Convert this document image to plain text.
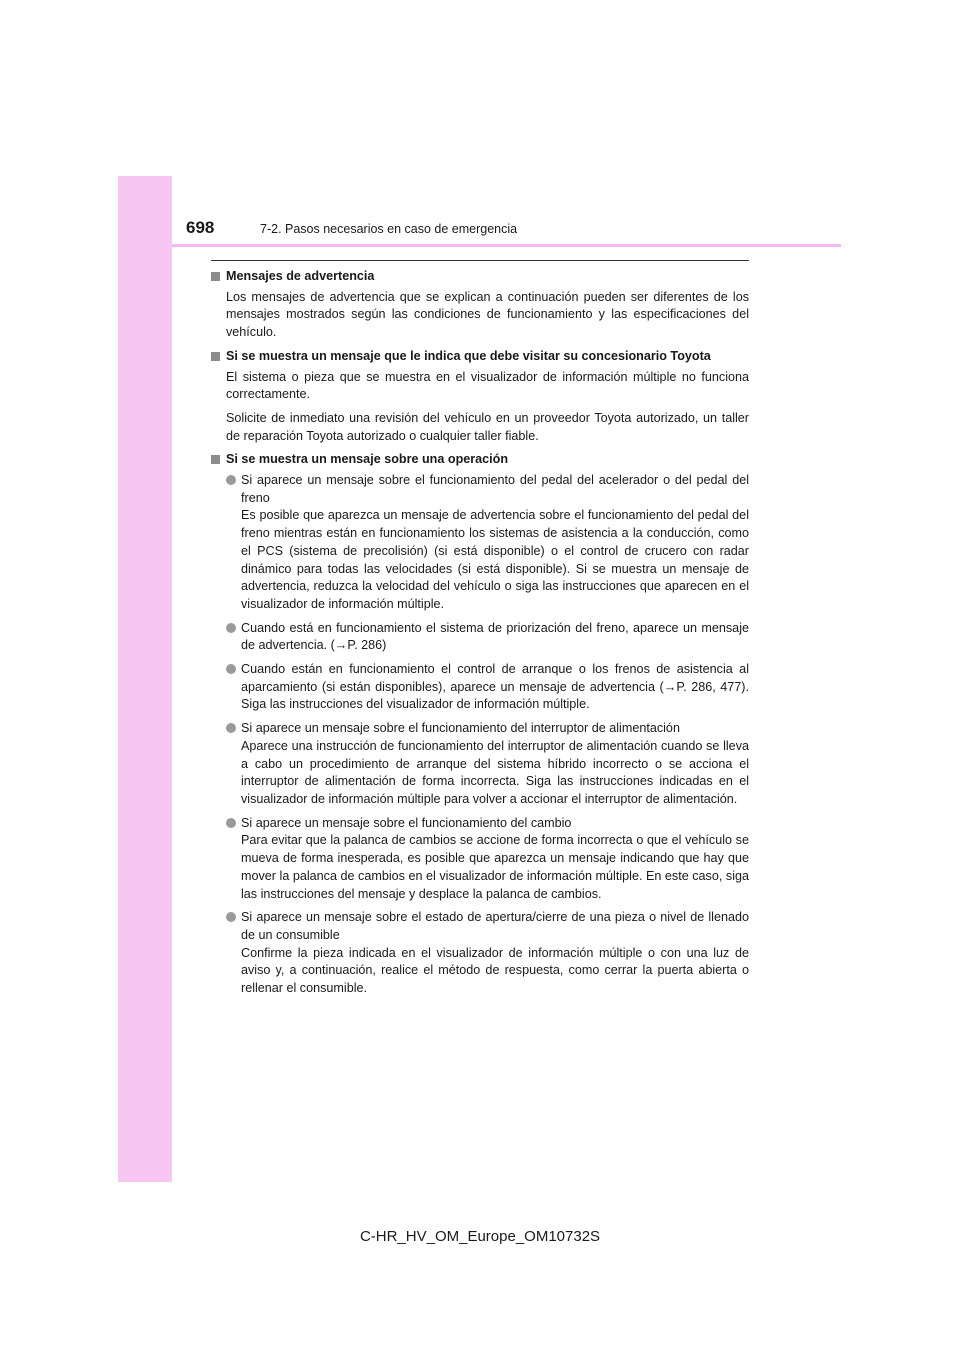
698	7-2. Pasos necesarios en caso de emergencia
Mensajes de advertencia
Los mensajes de advertencia que se explican a continuación pueden ser diferentes de los mensajes mostrados según las condiciones de funcionamiento y las especificaciones del vehículo.
Si se muestra un mensaje que le indica que debe visitar su concesionario Toyota
El sistema o pieza que se muestra en el visualizador de información múltiple no funciona correctamente.
Solicite de inmediato una revisión del vehículo en un proveedor Toyota autorizado, un taller de reparación Toyota autorizado o cualquier taller fiable.
Si se muestra un mensaje sobre una operación
Si aparece un mensaje sobre el funcionamiento del pedal del acelerador o del pedal del freno
Es posible que aparezca un mensaje de advertencia sobre el funcionamiento del pedal del freno mientras están en funcionamiento los sistemas de asistencia a la conducción, como el PCS (sistema de precolisión) (si está disponible) o el control de crucero con radar dinámico para todas las velocidades (si está disponible). Si se muestra un mensaje de advertencia, reduzca la velocidad del vehículo o siga las instrucciones que aparecen en el visualizador de información múltiple.
Cuando está en funcionamiento el sistema de priorización del freno, aparece un mensaje de advertencia. (→P. 286)
Cuando están en funcionamiento el control de arranque o los frenos de asistencia al aparcamiento (si están disponibles), aparece un mensaje de advertencia (→P. 286, 477). Siga las instrucciones del visualizador de información múltiple.
Si aparece un mensaje sobre el funcionamiento del interruptor de alimentación
Aparece una instrucción de funcionamiento del interruptor de alimentación cuando se lleva a cabo un procedimiento de arranque del sistema híbrido incorrecto o se acciona el interruptor de alimentación de forma incorrecta. Siga las instrucciones indicadas en el visualizador de información múltiple para volver a accionar el interruptor de alimentación.
Si aparece un mensaje sobre el funcionamiento del cambio
Para evitar que la palanca de cambios se accione de forma incorrecta o que el vehículo se mueva de forma inesperada, es posible que aparezca un mensaje indicando que hay que mover la palanca de cambios en el visualizador de información múltiple. En este caso, siga las instrucciones del mensaje y desplace la palanca de cambios.
Si aparece un mensaje sobre el estado de apertura/cierre de una pieza o nivel de llenado de un consumible
Confirme la pieza indicada en el visualizador de información múltiple o con una luz de aviso y, a continuación, realice el método de respuesta, como cerrar la puerta abierta o rellenar el consumible.
C-HR_HV_OM_Europe_OM10732S
